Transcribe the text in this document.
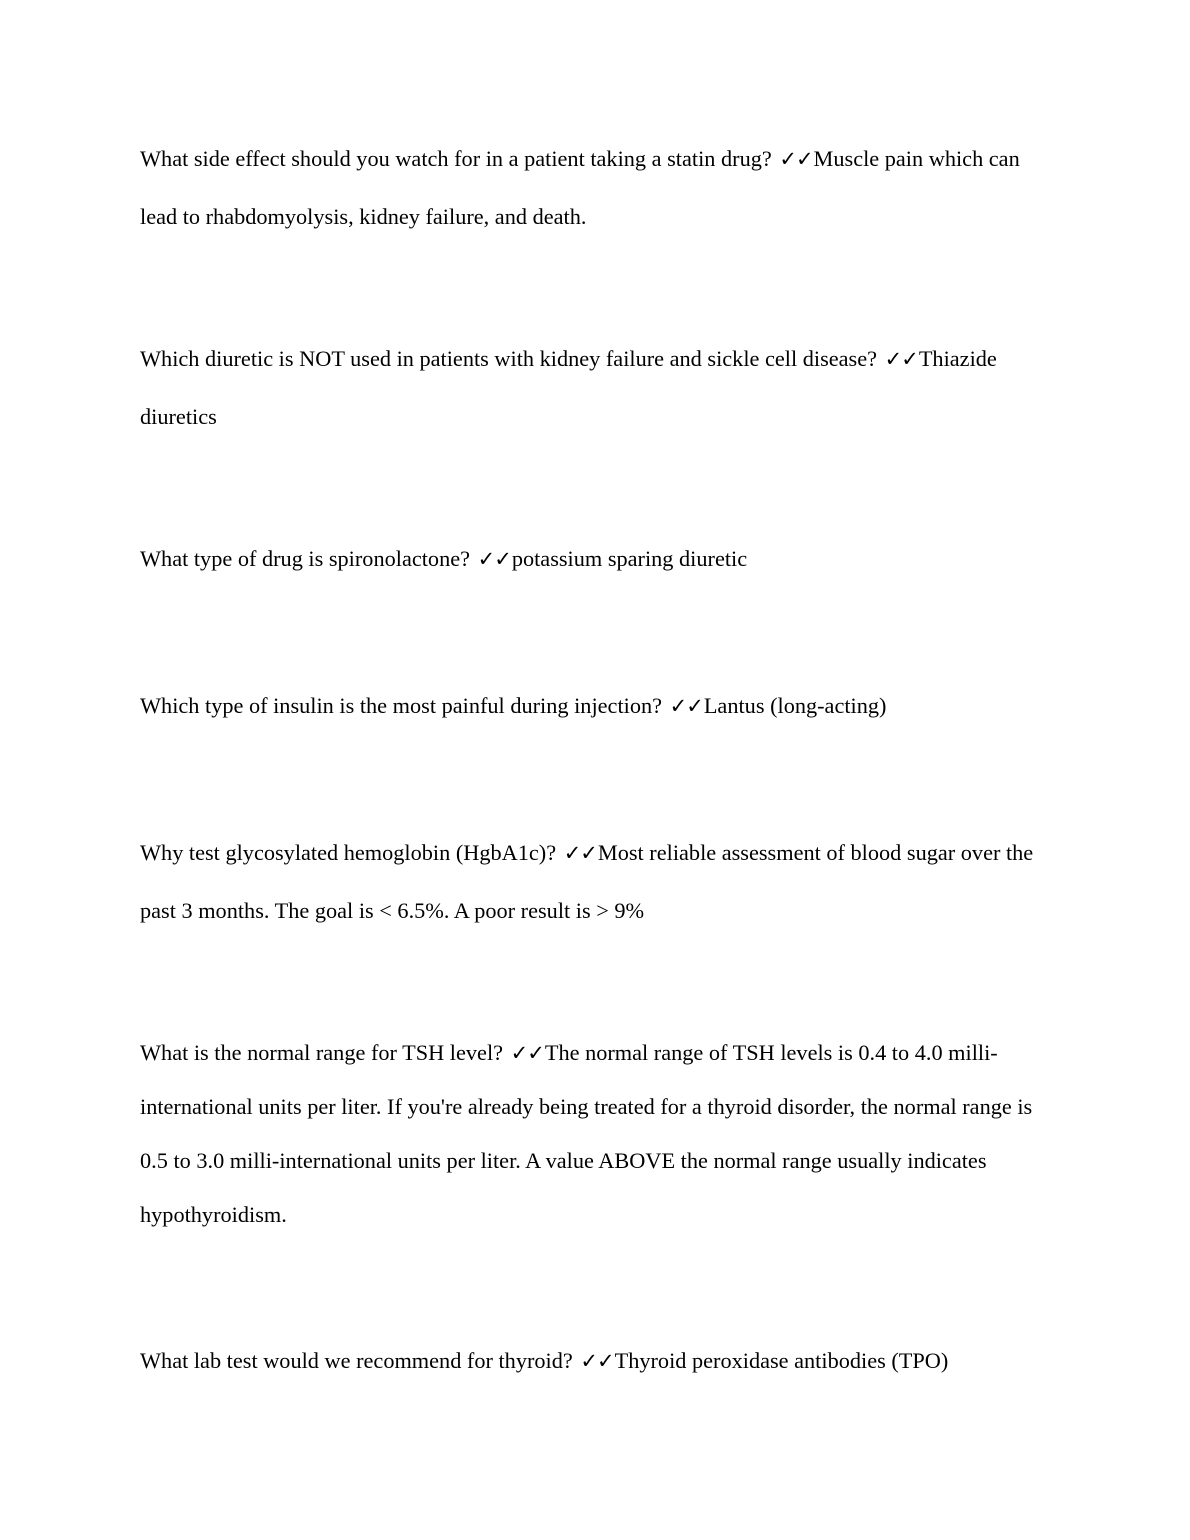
What side effect should you watch for in a patient taking a statin drug? ✓✓Muscle pain which can lead to rhabdomyolysis, kidney failure, and death.

Which diuretic is NOT used in patients with kidney failure and sickle cell disease? ✓✓Thiazide diuretics

What type of drug is spironolactone? ✓✓potassium sparing diuretic

Which type of insulin is the most painful during injection? ✓✓Lantus (long-acting)

Why test glycosylated hemoglobin (HgbA1c)? ✓✓Most reliable assessment of blood sugar over the past 3 months. The goal is < 6.5%. A poor result is > 9%

What is the normal range for TSH level? ✓✓The normal range of TSH levels is 0.4 to 4.0 milli-international units per liter. If you're already being treated for a thyroid disorder, the normal range is 0.5 to 3.0 milli-international units per liter. A value ABOVE the normal range usually indicates hypothyroidism.

What lab test would we recommend for thyroid? ✓✓Thyroid peroxidase antibodies (TPO)
